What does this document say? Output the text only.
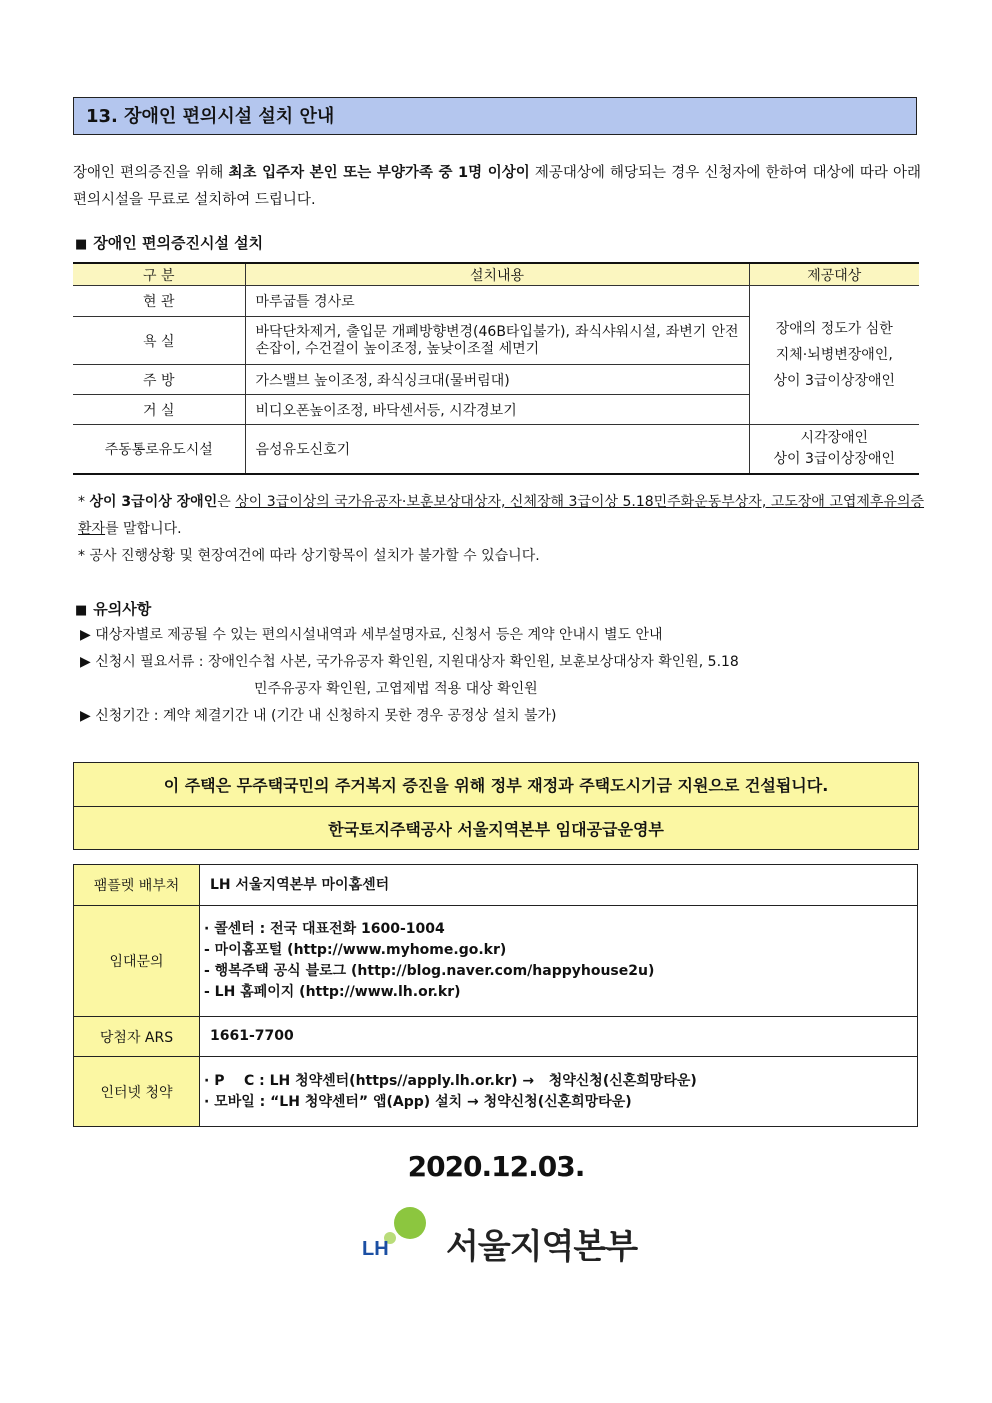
13. 장애인 편의시설 설치 안내
장애인 편의증진을 위해 최초 입주자 본인 또는 부양가족 중 1명 이상이 제공대상에 해당되는 경우 신청자에 한하여 대상에 따라 아래 편의시설을 무료로 설치하여 드립니다.
■ 장애인 편의증진시설 설치
구 분	설치내용	제공대상
현 관	마루굽틀 경사로	장애의 정도가 심한
지체·뇌병변장애인,
상이 3급이상장애인
욕 실	바닥단차제거, 출입문 개폐방향변경(46B타입불가), 좌식샤워시설, 좌변기 안전손잡이, 수건걸이 높이조정, 높낮이조절 세면기	
주 방	가스밸브 높이조정, 좌식싱크대(물버림대)	
거 실	비디오폰높이조정, 바닥센서등, 시각경보기	
주동통로유도시설	음성유도신호기	시각장애인
상이 3급이상장애인
* 상이 3급이상 장애인은 상이 3급이상의 국가유공자·보훈보상대상자, 신체장해 3급이상 5.18민주화운동부상자, 고도장애 고엽제후유의증환자를 말합니다.
* 공사 진행상황 및 현장여건에 따라 상기항목이 설치가 불가할 수 있습니다.
■ 유의사항
▶ 대상자별로 제공될 수 있는 편의시설내역과 세부설명자료, 신청서 등은 계약 안내시 별도 안내
▶ 신청시 필요서류 : 장애인수첩 사본, 국가유공자 확인원, 지원대상자 확인원, 보훈보상대상자 확인원, 5.18
민주유공자 확인원, 고엽제법 적용 대상 확인원
▶ 신청기간 : 계약 체결기간 내 (기간 내 신청하지 못한 경우 공정상 설치 불가)
이 주택은 무주택국민의 주거복지 증진을 위해 정부 재정과 주택도시기금 지원으로 건설됩니다.
한국토지주택공사 서울지역본부 임대공급운영부
팸플렛 배부처	LH 서울지역본부 마이홈센터
임대문의	· 콜센터 : 전국 대표전화 1600-1004
- 마이홈포털 (http://www.myhome.go.kr)
- 행복주택 공식 블로그 (http://blog.naver.com/happyhouse2u)
- LH 홈페이지 (http://www.lh.or.kr)

당첨자 ARS	1661-7700
인터넷 청약	· P    C : LH 청약센터(https//apply.lh.or.kr) →   청약신청(신혼희망타운)
· 모바일 : “LH 청약센터” 앱(App) 설치 → 청약신청(신혼희망타운)
2020.12.03.
LH 서울지역본부
